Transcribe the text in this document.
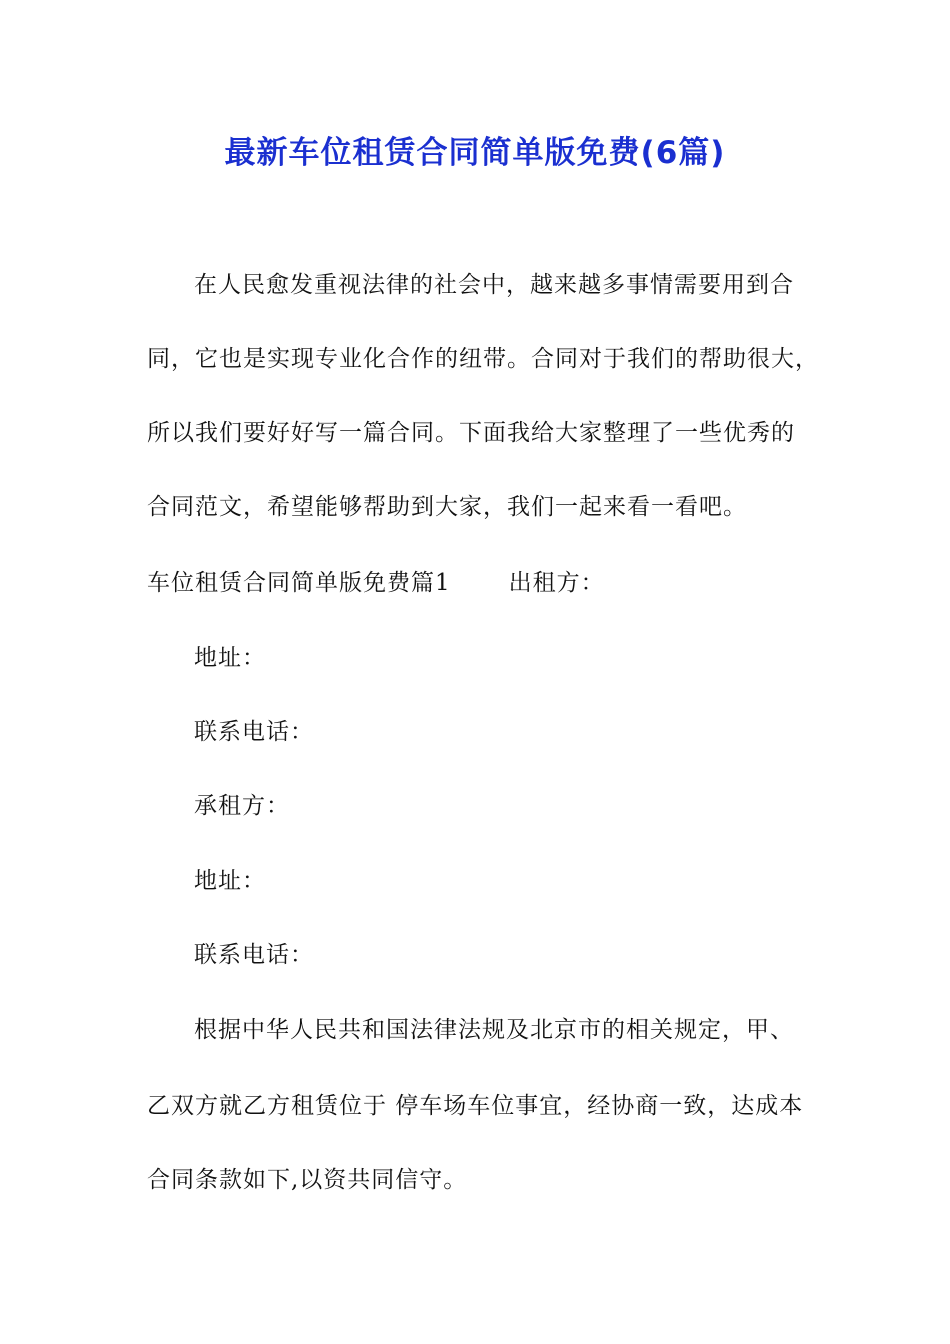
最新车位租赁合同简单版免费(6篇)
在人民愈发重视法律的社会中，越来越多事情需要用到合
同，它也是实现专业化合作的纽带。合同对于我们的帮助很大，
所以我们要好好写一篇合同。下面我给大家整理了一些优秀的
合同范文，希望能够帮助到大家，我们一起来看一看吧。
车位租赁合同简单版免费篇1	出租方：
地址：
联系电话：
承租方：
地址：
联系电话：
根据中华人民共和国法律法规及北京市的相关规定，甲、
乙双方就乙方租赁位于 停车场车位事宜，经协商一致，达成本
合同条款如下,以资共同信守。
